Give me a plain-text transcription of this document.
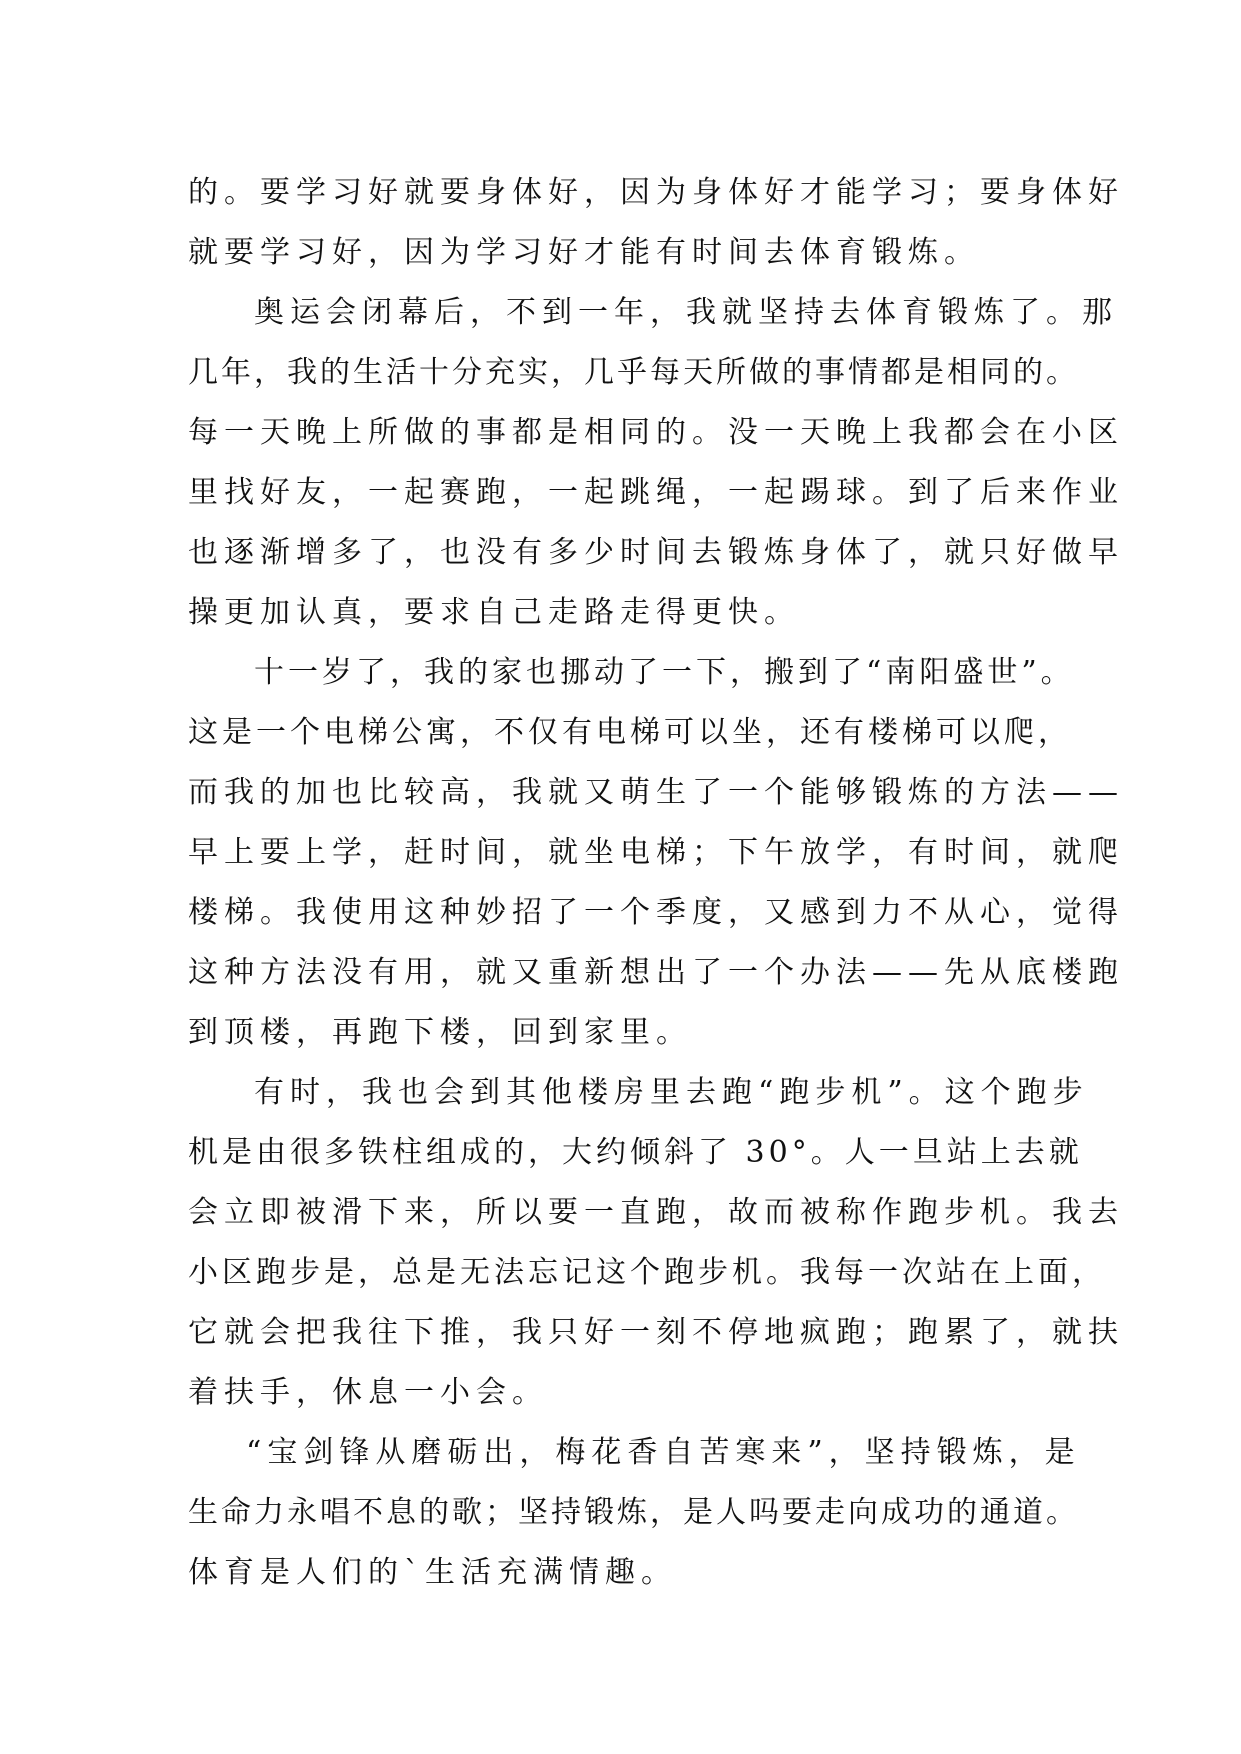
的。要学习好就要身体好，因为身体好才能学习；要身体好
就要学习好，因为学习好才能有时间去体育锻炼。
奥运会闭幕后，不到一年，我就坚持去体育锻炼了。那
几年，我的生活十分充实，几乎每天所做的事情都是相同的。
每一天晚上所做的事都是相同的。没一天晚上我都会在小区
里找好友，一起赛跑，一起跳绳，一起踢球。到了后来作业
也逐渐增多了，也没有多少时间去锻炼身体了，就只好做早
操更加认真，要求自己走路走得更快。
十一岁了，我的家也挪动了一下，搬到了“南阳盛世”。
这是一个电梯公寓，不仅有电梯可以坐，还有楼梯可以爬，
而我的加也比较高，我就又萌生了一个能够锻炼的方法——
早上要上学，赶时间，就坐电梯；下午放学，有时间，就爬
楼梯。我使用这种妙招了一个季度，又感到力不从心，觉得
这种方法没有用，就又重新想出了一个办法——先从底楼跑
到顶楼，再跑下楼，回到家里。
有时，我也会到其他楼房里去跑“跑步机”。这个跑步
机是由很多铁柱组成的，大约倾斜了 30°。人一旦站上去就
会立即被滑下来，所以要一直跑，故而被称作跑步机。我去
小区跑步是，总是无法忘记这个跑步机。我每一次站在上面，
它就会把我往下推，我只好一刻不停地疯跑；跑累了，就扶
着扶手，休息一小会。
“宝剑锋从磨砺出，梅花香自苦寒来”，坚持锻炼，是
生命力永唱不息的歌；坚持锻炼，是人吗要走向成功的通道。
体育是人们的`生活充满情趣。
